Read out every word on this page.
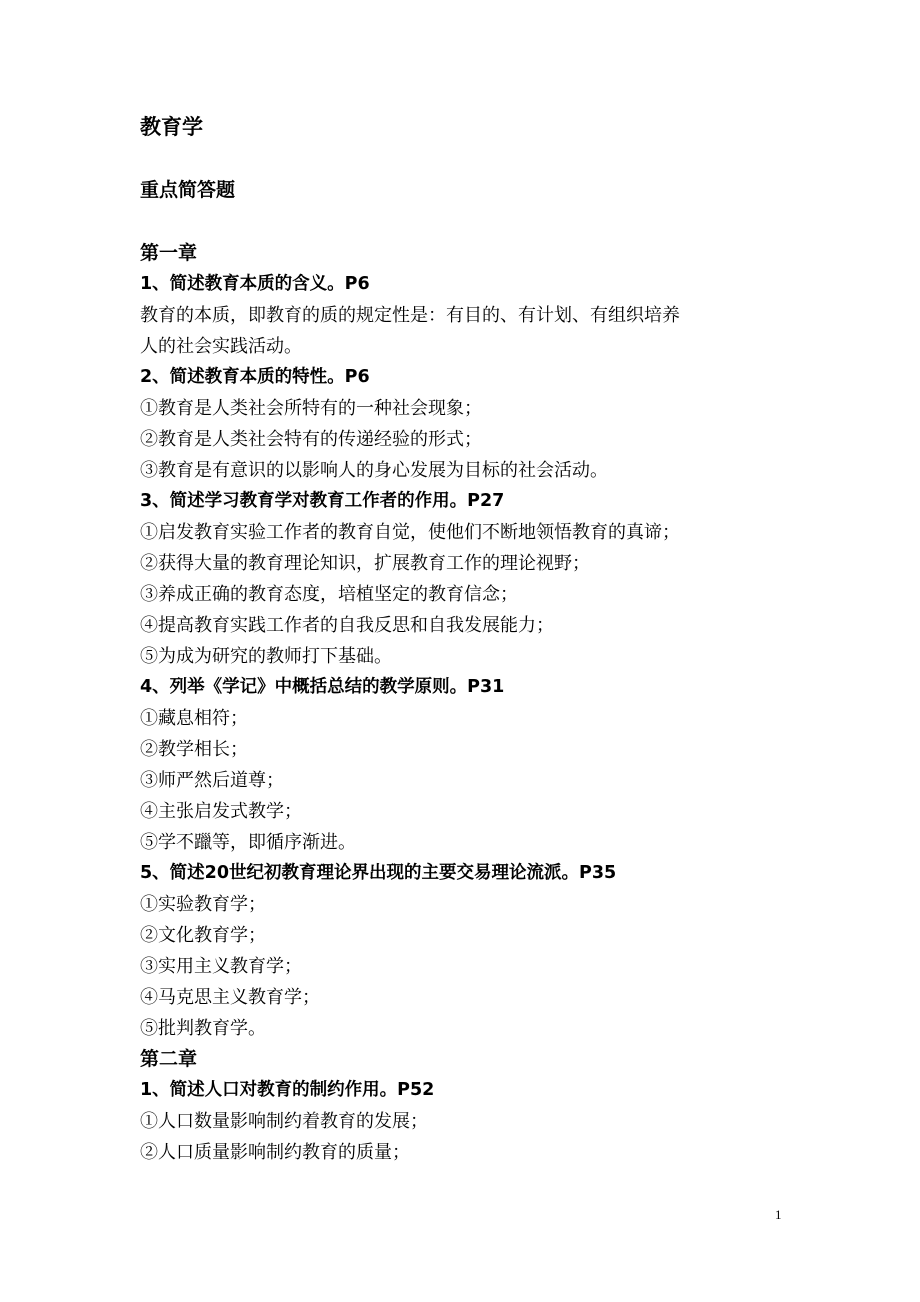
教育学
重点简答题
第一章
1、简述教育本质的含义。P6
教育的本质，即教育的质的规定性是：有目的、有计划、有组织培养
人的社会实践活动。
2、简述教育本质的特性。P6
①教育是人类社会所特有的一种社会现象；
②教育是人类社会特有的传递经验的形式；
③教育是有意识的以影响人的身心发展为目标的社会活动。
3、简述学习教育学对教育工作者的作用。P27
①启发教育实验工作者的教育自觉，使他们不断地领悟教育的真谛；
②获得大量的教育理论知识，扩展教育工作的理论视野；
③养成正确的教育态度，培植坚定的教育信念；
④提高教育实践工作者的自我反思和自我发展能力；
⑤为成为研究的教师打下基础。
4、列举《学记》中概括总结的教学原则。P31
①藏息相符；
②教学相长；
③师严然后道尊；
④主张启发式教学；
⑤学不躐等，即循序渐进。
5、简述20世纪初教育理论界出现的主要交易理论流派。P35
①实验教育学；
②文化教育学；
③实用主义教育学；
④马克思主义教育学；
⑤批判教育学。
第二章
1、简述人口对教育的制约作用。P52
①人口数量影响制约着教育的发展；
②人口质量影响制约教育的质量；
1
